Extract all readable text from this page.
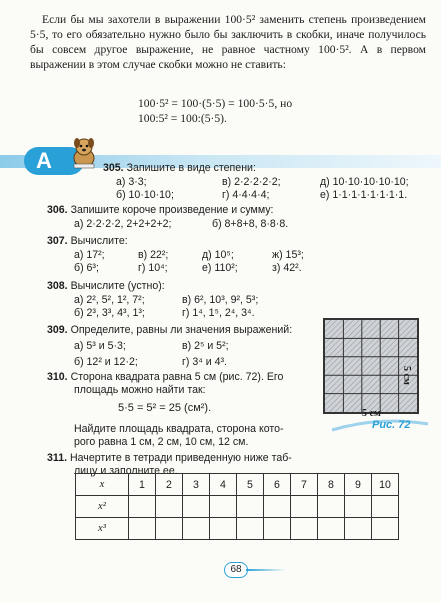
Если бы мы захотели в выражении 100·5² заменить степень произведением 5·5, то его обязательно нужно было бы заключить в скобки, иначе получилось бы совсем другое выражение, не равное частному 100·5². А в первом выражении в этом случае скобки можно не ставить:

100·5² = 100·(5·5) = 100·5·5, но
100:5² = 100:(5·5).
A	305. Запишите в виде степени:
а) 3·3;	в) 2·2·2·2·2;	д) 10·10·10·10·10;
б) 10·10·10;	г) 4·4·4·4;	е) 1·1·1·1·1·1·1·1.
306. Запишите короче произведение и сумму:
а) 2·2·2·2, 2+2+2+2;	б) 8+8+8, 8·8·8.
307. Вычислите:
а) 17²;	в) 22²;	д) 10⁵;	ж) 15³;
б) 6³;	г) 10⁴;	е) 110²;	з) 42².
308. Вычислите (устно):
а) 2², 5², 1², 7²;	в) 6², 10³, 9², 5³;
б) 2³, 3³, 4³, 1³;	г) 1⁴, 1⁵, 2⁴, 3⁴.
309. Определите, равны ли значения выражений:
а) 5³ и 5·3;	в) 2⁵ и 5²;
б) 12² и 12·2;	г) 3⁴ и 4³.
310. Сторона квадрата равна 5 см (рис. 72). Его
площадь можно найти так:
5·5 = 5² = 25 (см²).
Найдите площадь квадрата, сторона кото-
рого равна 1 см, 2 см, 10 см, 12 см.
311. Начертите в тетради приведенную ниже таб-
лицу и заполните ее.
5 см
5 см
Рис. 72
x	1	2	3	4	5	6	7	8	9	10
x²										
x³										
68
